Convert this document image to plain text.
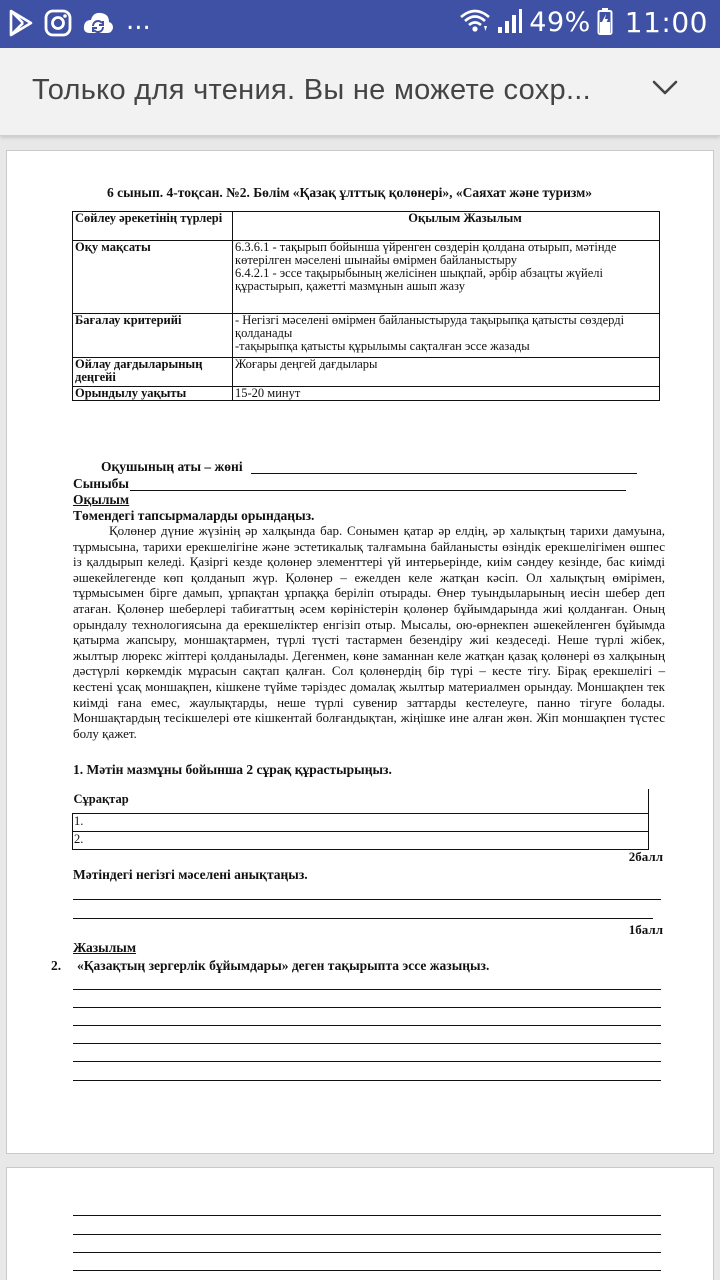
...	49% 11:00
Только для чтения. Вы не можете сохр...
6 сынып. 4-тоқсан. №2. Бөлім «Қазақ ұлттық қолөнері», «Саяхат және туризм»
Сөйлеу әрекетінің түрлері	Оқылым Жазылым
Оқу мақсаты	6.3.6.1 - тақырып бойынша үйренген сөздерін қолдана отырып, мәтінде көтерілген мәселені шынайы өмірмен байланыстыру
6.4.2.1 - эссе тақырыбының желісінен шықпай, әрбір абзацты жүйелі құрастырып, қажетті мазмұнын ашып жазу

Бағалау критерийі	- Негізгі мәселені өмірмен байланыстыруда тақырыпқа қатысты сөздерді қолданады
-тақырыпқа қатысты құрылымы сақталған эссе жазады

Ойлау дағдыларының деңгейі	Жоғары деңгей дағдылары
Орындылу уақыты	15-20 минут
Оқушының аты – жөні
Сыныбы
Оқылым
Төмендегі тапсырмаларды орындаңыз.
Қолөнер дүние жүзінің әр халқында бар. Сонымен қатар әр елдің, әр халықтың тарихи дамуына, тұрмысына, тарихи ерекшелігіне және эстетикалық талғамына байланысты өзіндік ерекшелігімен өшпес із қалдырып келеді. Қазіргі кезде қолөнер элементтері үй интерьерінде, киім сәндеу кезінде, бас киімді әшекейлегенде көп қолданып жүр. Қолөнер – ежелден келе жатқан кәсіп. Ол халықтың өмірімен, тұрмысымен бірге дамып, ұрпақтан ұрпаққа беріліп отырады. Өнер туындыларының иесін шебер деп атаған. Қолөнер шеберлері табиғаттың әсем көріністерін қолөнер бұйымдарында жиі қолданған. Оның орындалу технологиясына да ерекшеліктер енгізіп отыр. Мысалы, ою-өрнекпен әшекейленген бұйымда қатырма жапсыру, моншақтармен, түрлі түсті тастармен безендіру жиі кездеседі. Неше түрлі жібек, жылтыр люрекс жіптері қолданылады. Дегенмен, көне заманнан келе жатқан қазақ қолөнері өз халқының дәстүрлі көркемдік мұрасын сақтап қалған. Сол қолөнердің бір түрі – кесте тігу. Бірақ ерекшелігі – кестені ұсақ моншақпен, кішкене түйме тәріздес домалақ жылтыр материалмен орындау. Моншақпен тек киімді ғана емес, жаулықтарды, неше түрлі сувенир заттарды кестелеуге, панно тігуге болады. Моншақтардың тесікшелері өте кішкентай болғандықтан, жіңішке ине алған жөн. Жіп моншақпен түстес болу қажет.
1. Мәтін мазмұны бойынша 2 сұрақ құрастырыңыз.
Сұрақтар
1.
2.
2балл
Мәтіндегі негізгі мәселені анықтаңыз.
1балл
Жазылым
2. «Қазақтың зергерлік бұйымдары» деген тақырыпта эссе жазыңыз.
